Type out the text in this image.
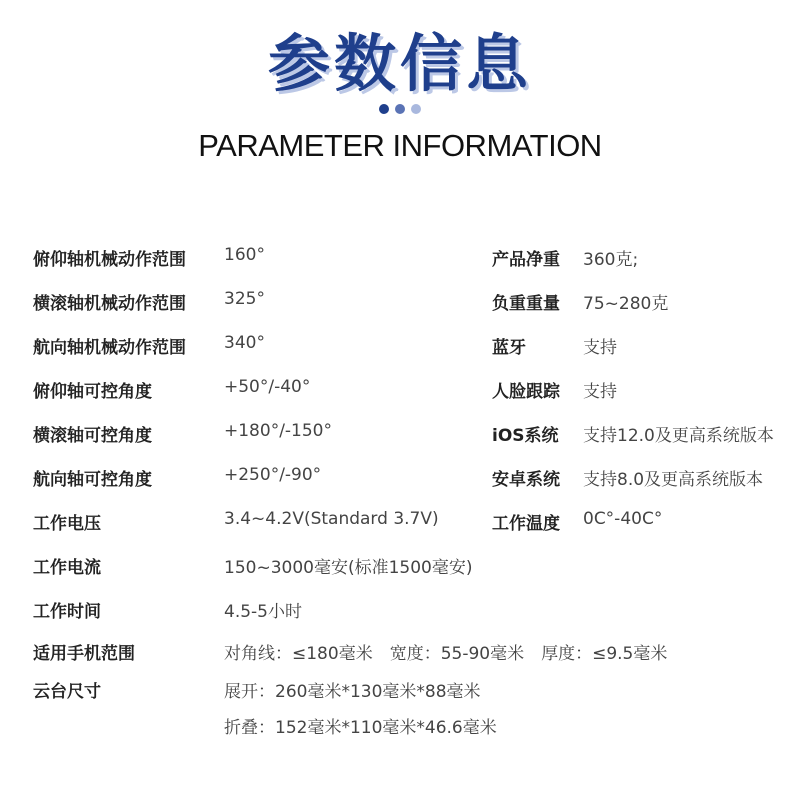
参数信息
PARAMETER INFORMATION
俯仰轴机械动作范围 160°
横滚轴机械动作范围 325°
航向轴机械动作范围 340°
俯仰轴可控角度	+50°/-40°
横滚轴可控角度	+180°/-150°
航向轴可控角度	+250°/-90°
工作电压	3.4~4.2V(Standard 3.7V)
工作电流	150~3000毫安(标准1500毫安)
工作时间	4.5-5小时
适用手机范围	对角线：≤180毫米　宽度：55-90毫米　厚度：≤9.5毫米
云台尺寸	展开：260毫米*130毫米*88毫米
折叠：152毫米*110毫米*46.6毫米
产品净重 360克;
负重重量 75~280克
蓝牙	支持
人脸跟踪 支持
iOS系统 支持12.0及更高系统版本
安卓系统 支持8.0及更高系统版本
工作温度 0C°-40C°
